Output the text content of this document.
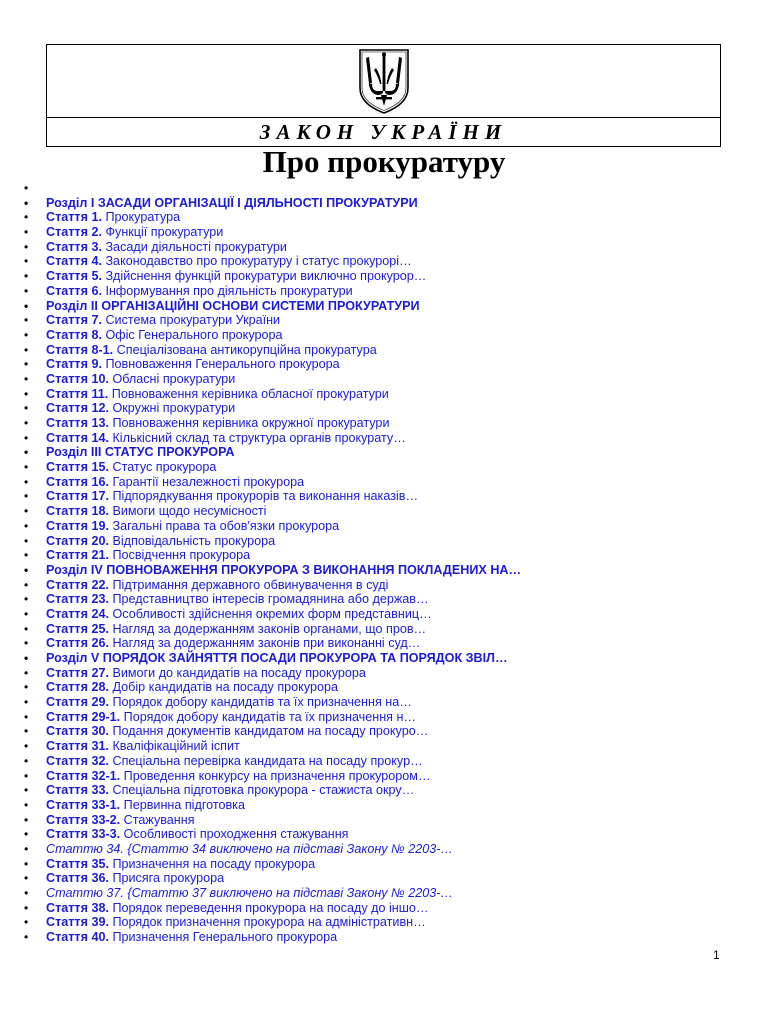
ЗАКОН УКРАЇНИ
Про прокуратуру
•
• Розділ I ЗАСАДИ ОРГАНІЗАЦІЇ І ДІЯЛЬНОСТІ ПРОКУРАТУРИ
• Стаття 1. Прокуратура
• Стаття 2. Функції прокуратури
• Стаття 3. Засади діяльності прокуратури
• Стаття 4. Законодавство про прокуратуру і статус прокурорі…
• Стаття 5. Здійснення функцій прокуратури виключно прокурор…
• Стаття 6. Інформування про діяльність прокуратури
• Розділ II ОРГАНІЗАЦІЙНІ ОСНОВИ СИСТЕМИ ПРОКУРАТУРИ
• Стаття 7. Система прокуратури України
• Стаття 8. Офіс Генерального прокурора
• Стаття 8-1. Спеціалізована антикорупційна прокуратура
• Стаття 9. Повноваження Генерального прокурора
• Стаття 10. Обласні прокуратури
• Стаття 11. Повноваження керівника обласної прокуратури
• Стаття 12. Окружні прокуратури
• Стаття 13. Повноваження керівника окружної прокуратури
• Стаття 14. Кількісний склад та структура органів прокурату…
• Розділ III СТАТУС ПРОКУРОРА
• Стаття 15. Статус прокурора
• Стаття 16. Гарантії незалежності прокурора
• Стаття 17. Підпорядкування прокурорів та виконання наказів…
• Стаття 18. Вимоги щодо несумісності
• Стаття 19. Загальні права та обов'язки прокурора
• Стаття 20. Відповідальність прокурора
• Стаття 21. Посвідчення прокурора
• Розділ IV ПОВНОВАЖЕННЯ ПРОКУРОРА З ВИКОНАННЯ ПОКЛАДЕНИХ НА…
• Стаття 22. Підтримання державного обвинувачення в суді
• Стаття 23. Представництво інтересів громадянина або держав…
• Стаття 24. Особливості здійснення окремих форм представниц…
• Стаття 25. Нагляд за додержанням законів органами, що пров…
• Стаття 26. Нагляд за додержанням законів при виконанні суд…
• Розділ V ПОРЯДОК ЗАЙНЯТТЯ ПОСАДИ ПРОКУРОРА ТА ПОРЯДОК ЗВІЛ…
• Стаття 27. Вимоги до кандидатів на посаду прокурора
• Стаття 28. Добір кандидатів на посаду прокурора
• Стаття 29. Порядок добору кандидатів та їх призначення на…
• Стаття 29-1. Порядок добору кандидатів та їх призначення н…
• Стаття 30. Подання документів кандидатом на посаду прокуро…
• Стаття 31. Кваліфікаційний іспит
• Стаття 32. Спеціальна перевірка кандидата на посаду прокур…
• Стаття 32-1. Проведення конкурсу на призначення прокурором…
• Стаття 33. Спеціальна підготовка прокурора - стажиста окру…
• Стаття 33-1. Первинна підготовка
• Стаття 33-2. Стажування
• Стаття 33-3. Особливості проходження стажування
• Статтю 34. {Статтю 34 виключено на підставі Закону № 2203-…
• Стаття 35. Призначення на посаду прокурора
• Стаття 36. Присяга прокурора
• Статтю 37. {Статтю 37 виключено на підставі Закону № 2203-…
• Стаття 38. Порядок переведення прокурора на посаду до іншо…
• Стаття 39. Порядок призначення прокурора на адміністративн…
• Стаття 40. Призначення Генерального прокурора
1
